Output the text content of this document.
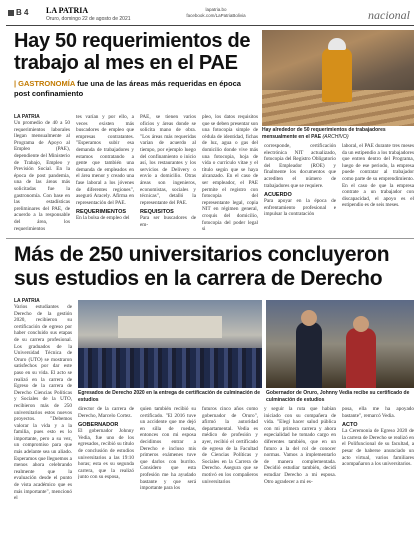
B 4 LA PATRIA
Oruro, domingo 22 de agosto de 2021
lapatria.bo
facebook.com/LaPatriaBolivia	nacional
Hay 50 requerimientos de trabajo al mes en el PAE
| GASTRONOMÍA fue una de las áreas más requeridas en época post confinamiento
Hay alrededor de 50 requerimientos de trabajadores mensualmente en el PAE (ARCHIVO)
LA PATRIA
Un promedio de 40 a 50 requerimientos laborales llegan mensualmente al Programa de Apoyo al Empleo (PAE), dependiente del Ministerio de Trabajo, Empleo y Previsión Social. En la época de post pandemia, una de las áreas más solicitadas fue la gastronomía. Con base en las estadísticas preliminares del PAE, de acuerdo a la responsable del área, los requerimientos
tes varían y por ello, a veces existen más buscadores de empleo que empresas contratantes. "Esperamos subir esa demanda de trabajadores y estamos contratando a gente que también una demanda de empleados en el área menor y creado una fase laboral a los jóvenes de diferentes regiones", aseguró Aracely. Afirma en representación del PAE.
REQUERIMIENTOS
En la bolsa de empleo del
PAE, se tienen varios oficios y áreas donde se solicita mano de obra. "Los áreas más requeridas varían de acuerdo al tiempo, por ejemplo luego del confinamiento o inicio así, los restaurantes y los servicios de Delivery o envío a domicilio. Otras áreas son ingenieros, economistas, sociales y técnicas", detalló la representante del PAE.
REQUISITOS
Para ser buscadores de em-
pleo, los datos requisitos que se deben presentar son una fotocopia simple de cédula de identidad, fichas de luz, agua o gas del domicilio donde vive más una fotocopia, hoja de vida o currículo vitae y el título según que se haya alcanzado. En el caso de ser empleador, el PAE permite el registro con fotocopia del representante legal, copia NIT en régimen general, croquis del domicilio, fotocopia del poder legal si
corresponde, certificación electrónica NIT actualizado, fotocopia del Registro Obligatorio del Empleador (ROE) y finalmente los documentos que acrediten el número de trabajadores que se requiere.
ACUERDO
Para apoyar en la época de enfrentamiento profesional e impulsar la contratación
laboral, el PAE durante tres meses da un estipendio a los trabajadores que entren dentro del Programa, luego de ese periodo, la empresa puede contratar al trabajador como parte de su emprendimiento. En el caso de que la empresa contrate a un trabajador con discapacidad, el apoyo es el estipendio es de seis meses.
Más de 250 universitarios concluyeron sus estudios en la carrera de Derecho
LA PATRIA
Varios estudiantes de Derecho de la gestión 2020, recibieron su certificación de egreso por haber concluido sus etapas de su carrera profesional. Los graduados de la Universidad Técnica de Oruro (UTO) se mostraron satisfechos por dar este paso en su vida. El acto se realizó en la carrera de Egreso de la carrera de Derecho Ciencias Políticas y Sociales de la UTO, recibieron más de 250 universitarios estos nuevos proyectos. "Debemos valorar la vida y a la familia, pues esto es lo importante, pero a su vez, un compromiso para que más adelante sea un aliado. Esperamos que lleguemos a menos ahora celebrando realmente que la evaluación desde el punto de vista académico que es más importante", mencionó el
Egresados de Derecho 2020 en la entrega de certificación de culminación de estudios
Gobernador de Oruro, Johnny Vedia recibe su certificado de culminación de estudios
director de la carrera de Derecho, Marcelo Cortez.
GOBERNADOR
El gobernador Johnny Vedia, fue uno de los egresados, recibió su título de conclusión de estudios universitarios a las 19:10 horas; esta es su segunda carrera, que la realizó junto con su esposa,
quien también recibió su certificado. "El 2016 tuve un accidente que me dejó en silla de ruedas, entonces con mi esposa decidimos entrar a Derecho e incluso mis primeros exámenes tuve que darlos con burrito. Considero que esta profesión me ha ayudado bastante y que será importante para los
futuros cinco años como gobernador de Oruro", afirmó la autoridad departamental. Vedia es médico de profesión y ayer, recibió el certificado de egreso de la Facultad de Ciencias Políticas y Sociales en la Carrera de Derecho. Asegura que se motivó en los compañeros universitarios
y seguir la ruta que habían iniciado con su compañera de vida. "Elegí hacer salud pública con mi primera carrera y ahora especialidad he tomado cargo en diferentes también, que en un futuro a la del rol de conocer normas. Vamos a implementarlo de manera complementada. Decidió estudiar también, decidí estudiar Derecho a mi esposa. Otro agradecer a mi es-
posa, ella me ha apoyado bastante", remarcó Vedia.
ACTO
La Ceremonia de Egreso 2020 de la carrera de Derecho se realizó en el Polifuncional de su facultad, a pesar de haberse anunciado un acto virtual, varios familiares acompañaron a los universitarios.
